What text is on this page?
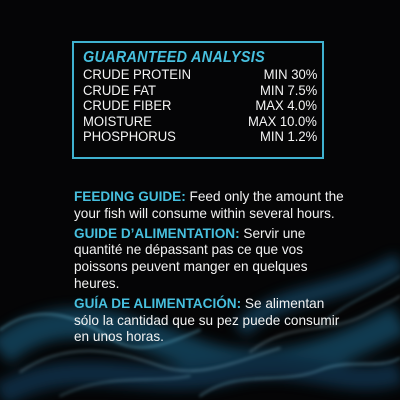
GUARANTEED ANALYSIS
CRUDE PROTEIN	MIN 30%
CRUDE FAT	MIN 7.5%
CRUDE FIBER	MAX 4.0%
MOISTURE	MAX 10.0%
PHOSPHORUS	MIN 1.2%

FEEDING GUIDE: Feed only the amount the your fish will consume within several hours.

GUIDE D’ALIMENTATION: Servir une quantité ne dépassant pas ce que vos poissons peuvent manger en quelques heures.

GUÍA DE ALIMENTACIÓN: Se alimentan sólo la cantidad que su pez puede consumir en unos horas.
